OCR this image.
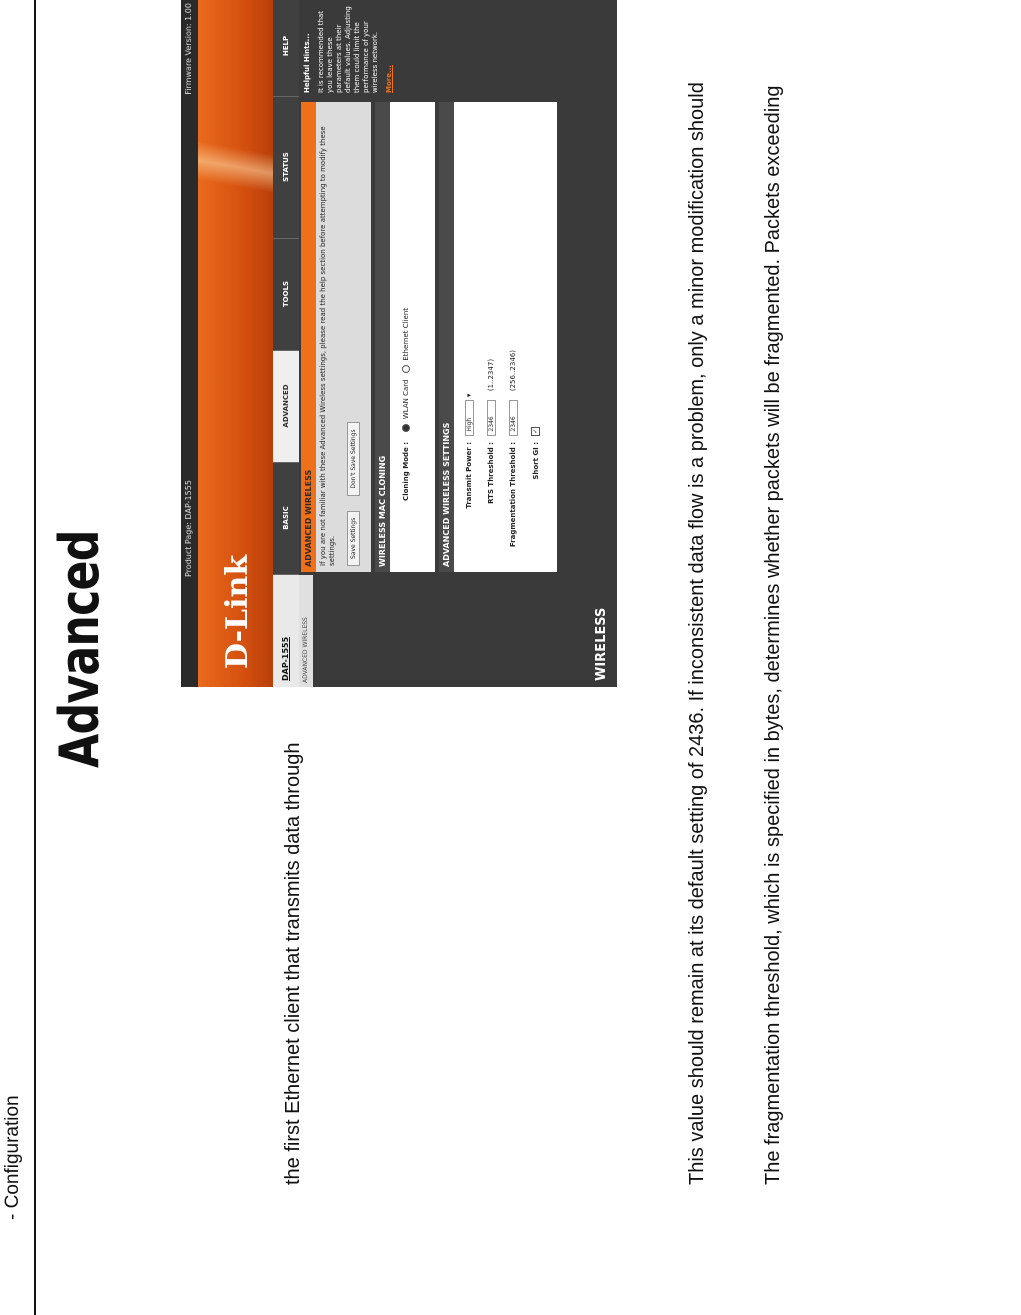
- Configuration
Advanced
the first Ethernet client that transmits data through	This value should remain at its default setting of 2436. If inconsistent data flow is a problem, only a minor modification should	The fragmentation threshold, which is specified in bytes, determines whether packets will be fragmented. Packets exceeding
Product Page: DAP-1555
Firmware Version: 1.00
D-Link	DAP-1555
BASIC
ADVANCED
TOOLS
STATUS
HELP
ADVANCED WIRELESS	WIRELESS
ADVANCED WIRELESS If you are not familiar with these Advanced Wireless settings, please read the help section before attempting to modify these settings.	Save Settings Don't Save Settings	WIRELESS MAC CLONING	Cloning Mode :  WLAN Card  Ethernet Client
ADVANCED WIRELESS SETTINGS	Transmit Power : High ▾
RTS Threshold : 2346 (1..2347)
Fragmentation Threshold : 2346 (256..2346)
Short GI : ✓
Helpful Hints... It is recommended that you leave these parameters at their default values. Adjusting them could limit the performance of your wireless network. More...
